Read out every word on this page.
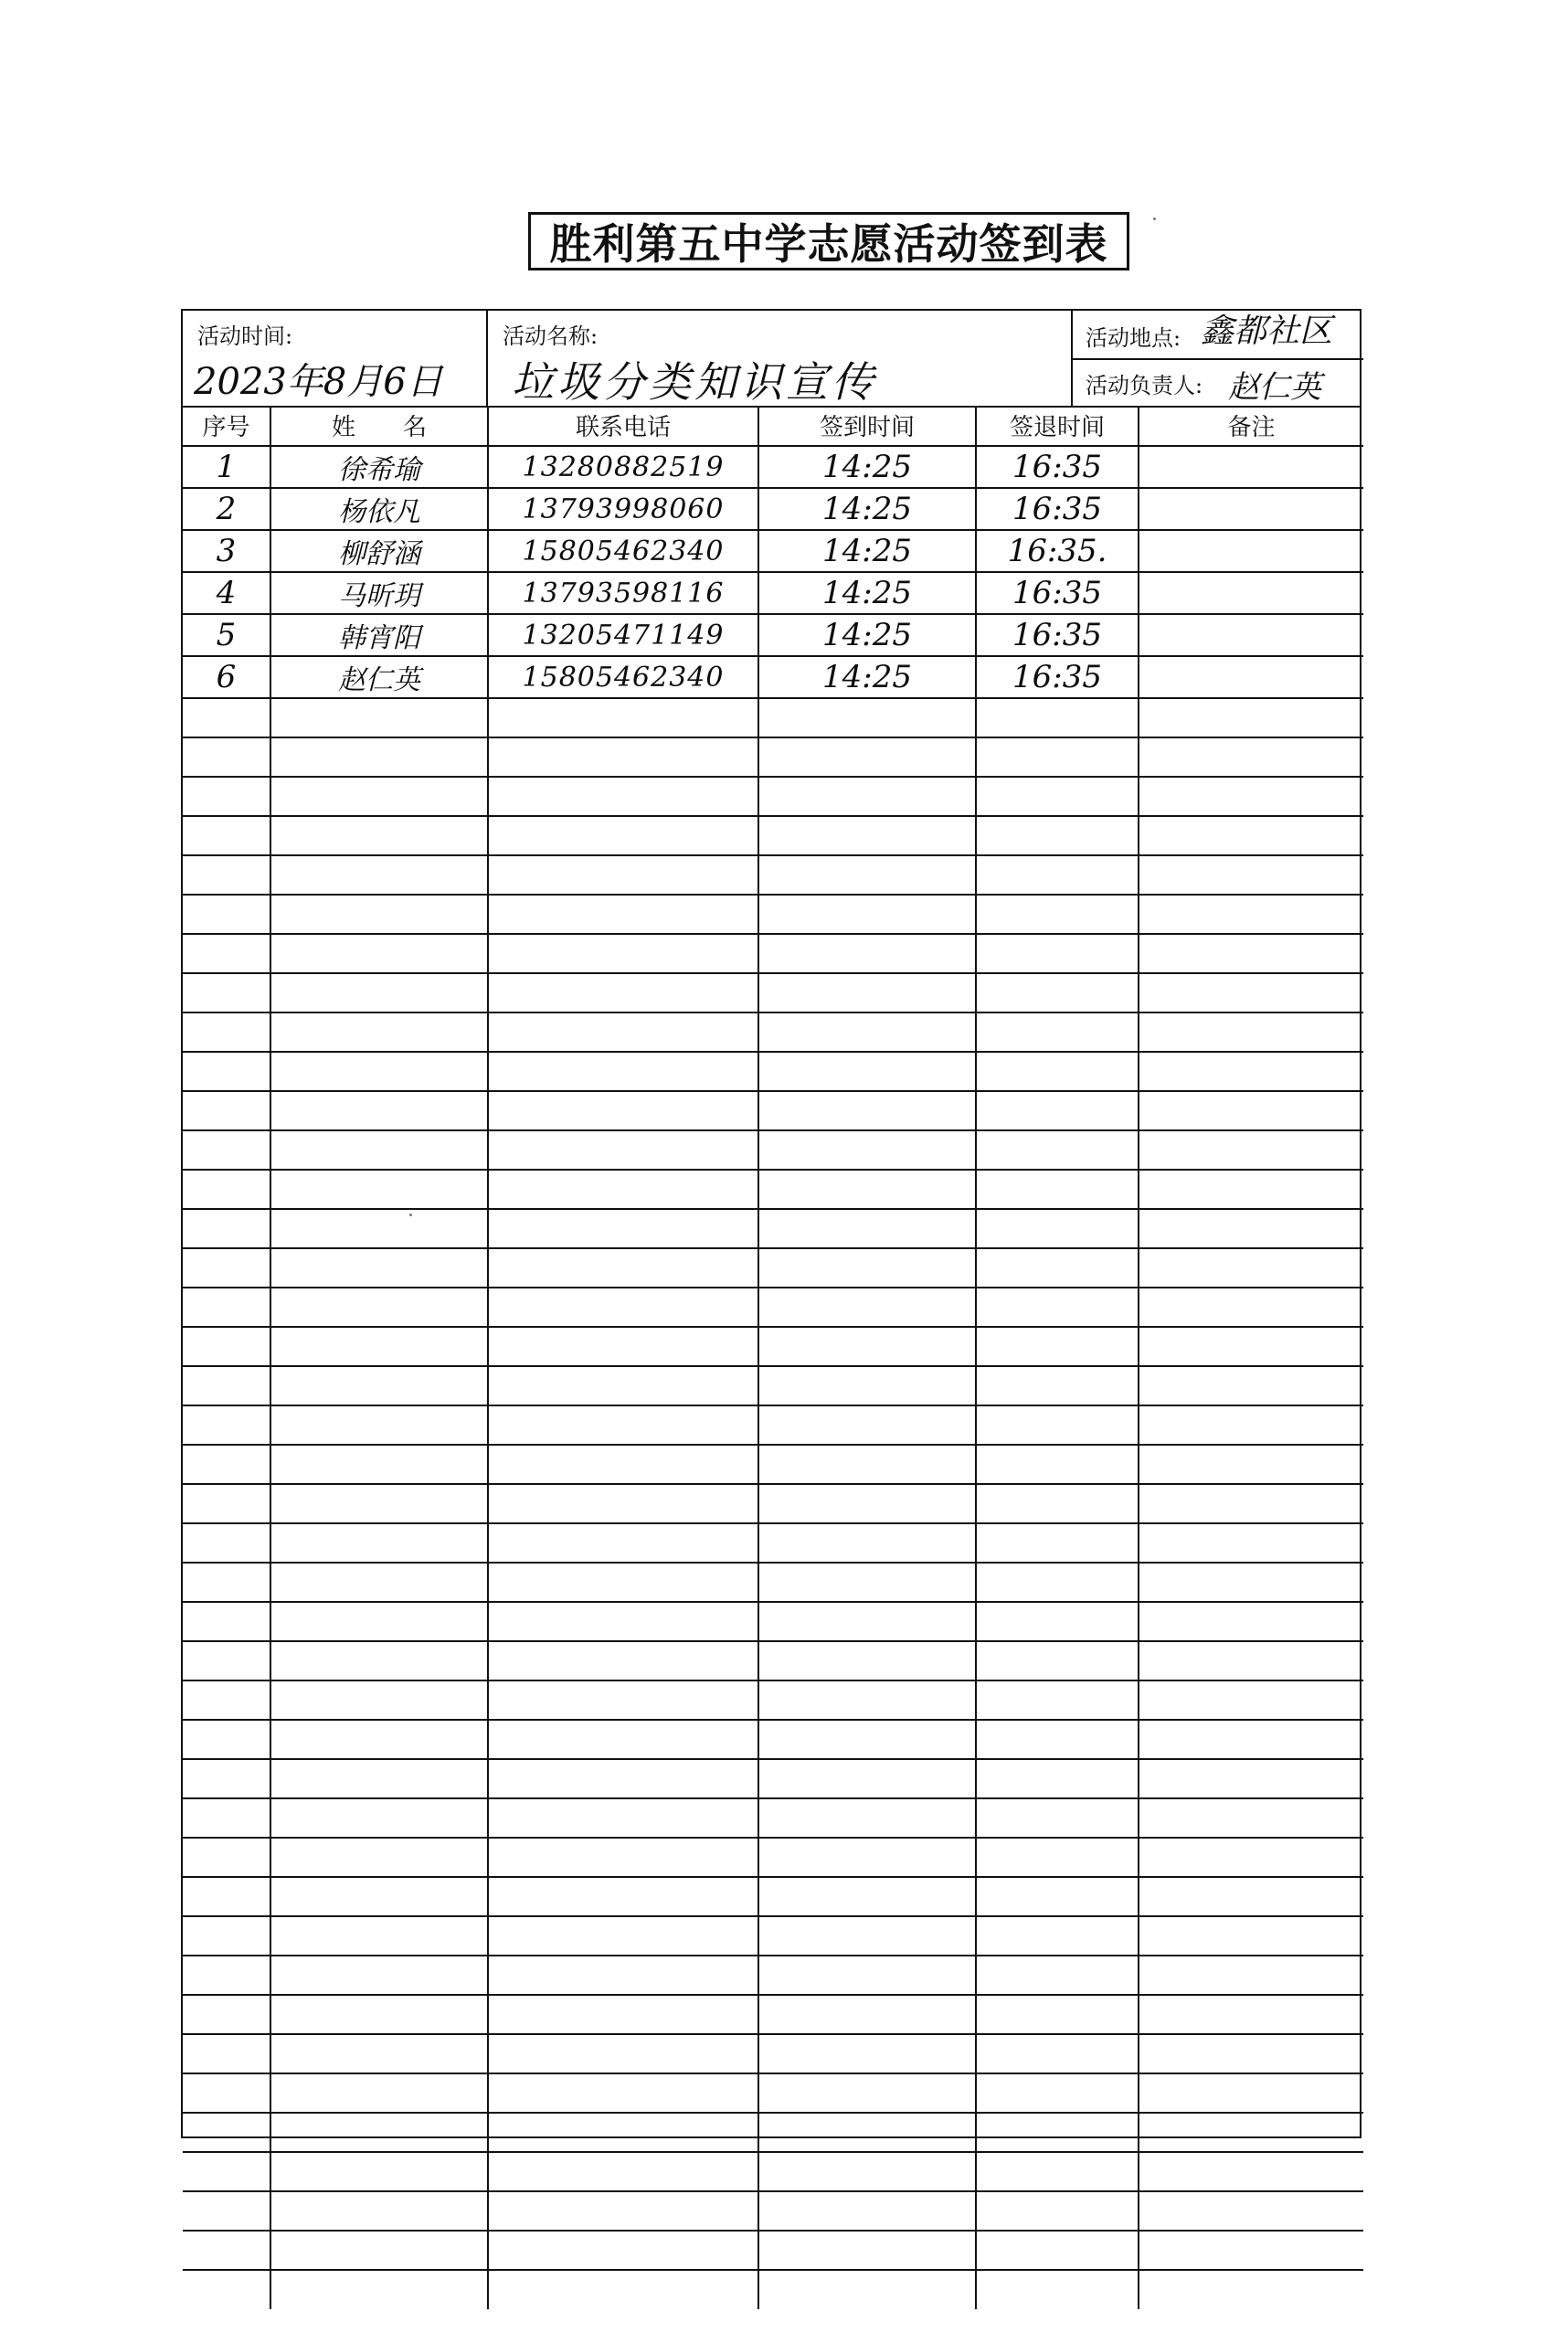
胜利第五中学志愿活动签到表
活动时间:
2023年8月6日
活动名称:
垃圾分类知识宣传
活动地点: 鑫都社区
活动负责人: 赵仁英
序号	姓　　名	联系电话	签到时间	签退时间	备注
1	徐希瑜	13280882519	14:25	16:35	
2	杨依凡	13793998060	14:25	16:35	
3	柳舒涵	15805462340	14:25	16:35.	
4	马昕玥	13793598116	14:25	16:35	
5	韩宵阳	13205471149	14:25	16:35	
6	赵仁英	15805462340	14:25	16:35	
